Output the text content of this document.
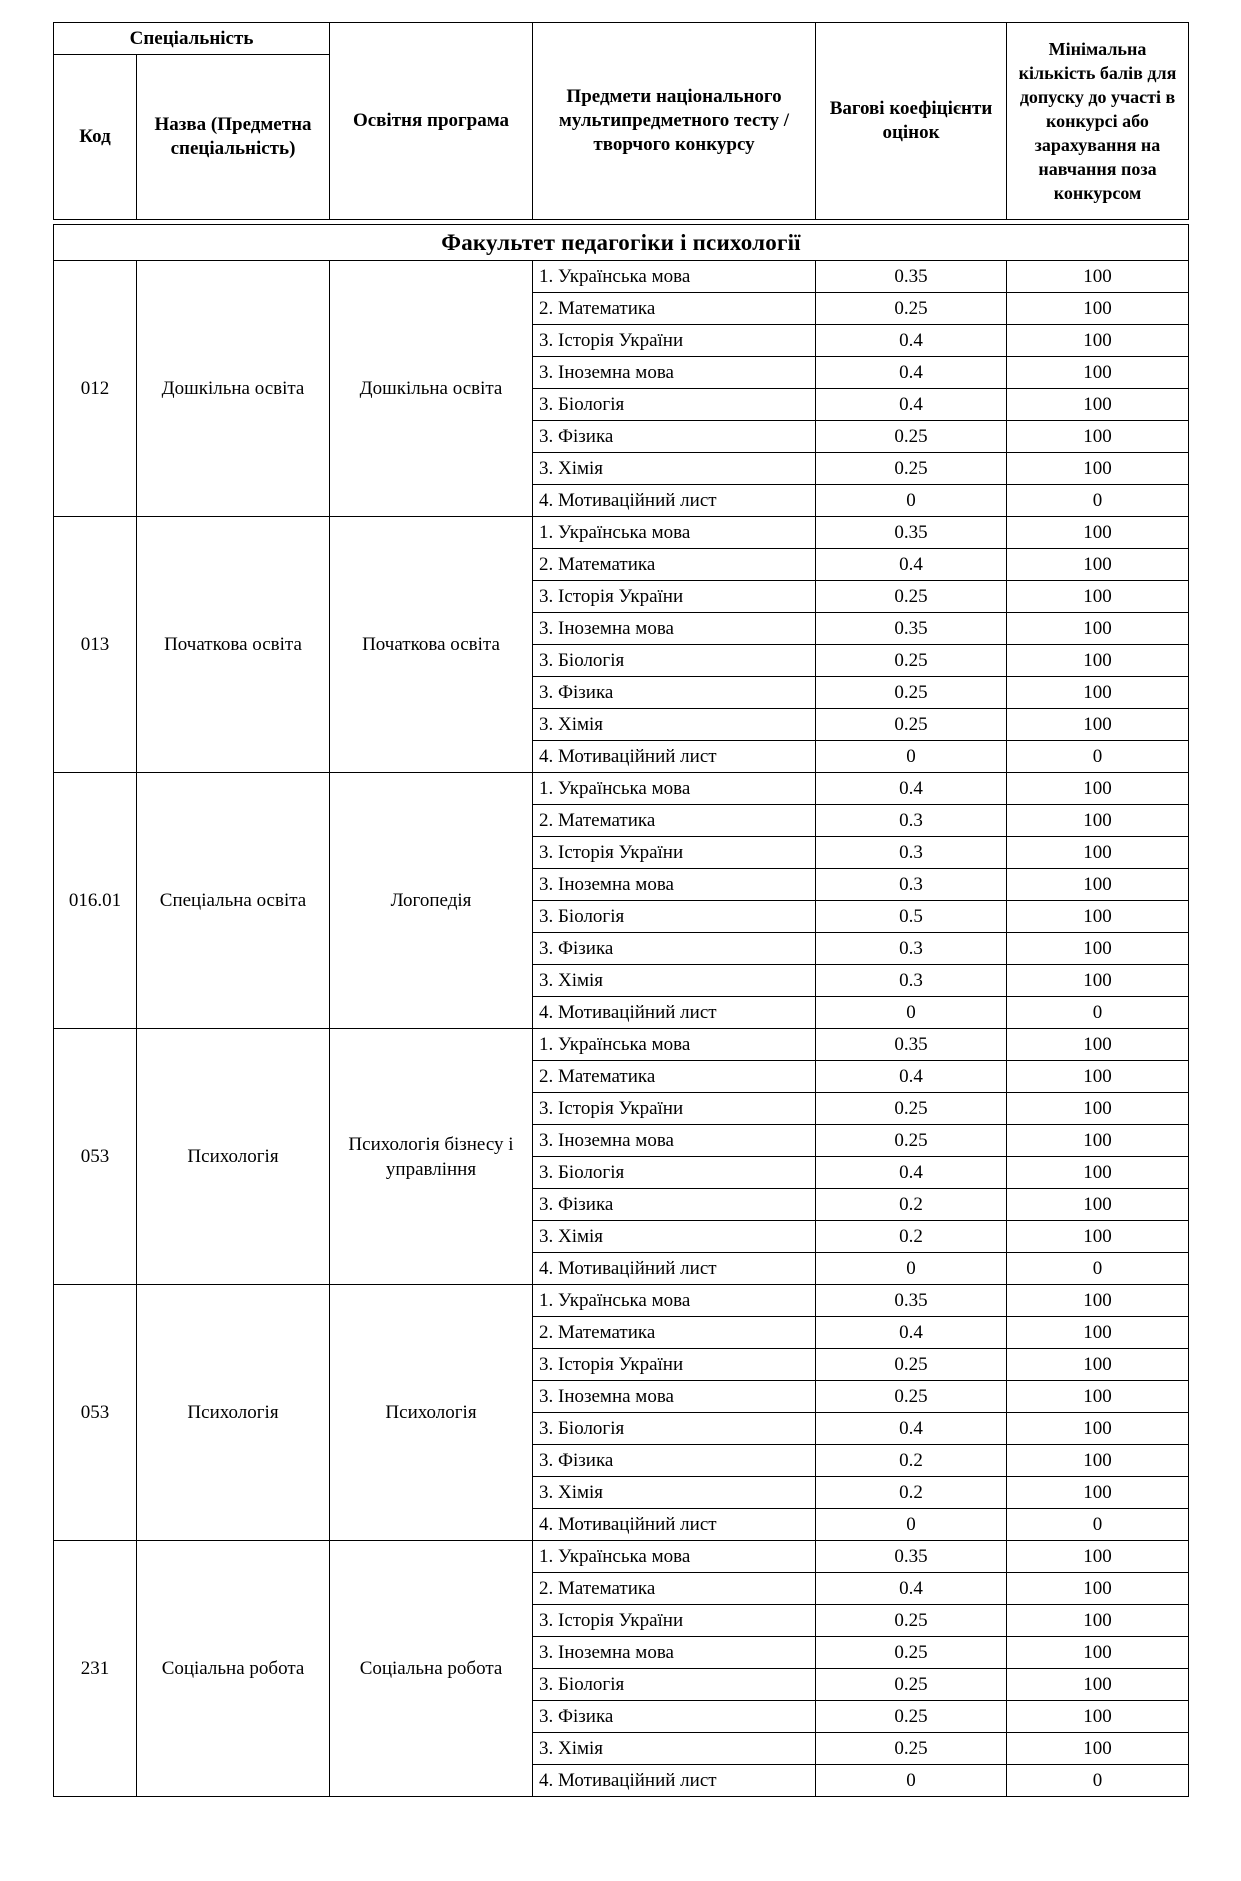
Спеціальність		Освітня програма	Предмети національного мультипредметного тесту / творчого конкурсу	Вагові коефіцієнти оцінок	Мінімальна кількість балів для допуску до участі в конкурсі або зарахування на навчання поза конкурсом
Код	Назва (Предметна спеціальність)				
Факультет педагогіки і психології					
012	Дошкільна освіта	Дошкільна освіта	1. Українська мова	0.35	100
			2. Математика	0.25	100
			3. Історія України	0.4	100
			3. Іноземна мова	0.4	100
			3. Біологія	0.4	100
			3. Фізика	0.25	100
			3. Хімія	0.25	100
			4. Мотиваційний лист	0	0
013	Початкова освіта	Початкова освіта	1. Українська мова	0.35	100
			2. Математика	0.4	100
			3. Історія України	0.25	100
			3. Іноземна мова	0.35	100
			3. Біологія	0.25	100
			3. Фізика	0.25	100
			3. Хімія	0.25	100
			4. Мотиваційний лист	0	0
016.01	Спеціальна освіта	Логопедія	1. Українська мова	0.4	100
			2. Математика	0.3	100
			3. Історія України	0.3	100
			3. Іноземна мова	0.3	100
			3. Біологія	0.5	100
			3. Фізика	0.3	100
			3. Хімія	0.3	100
			4. Мотиваційний лист	0	0
053	Психологія	Психологія бізнесу і управління	1. Українська мова	0.35	100
			2. Математика	0.4	100
			3. Історія України	0.25	100
			3. Іноземна мова	0.25	100
			3. Біологія	0.4	100
			3. Фізика	0.2	100
			3. Хімія	0.2	100
			4. Мотиваційний лист	0	0
053	Психологія	Психологія	1. Українська мова	0.35	100
			2. Математика	0.4	100
			3. Історія України	0.25	100
			3. Іноземна мова	0.25	100
			3. Біологія	0.4	100
			3. Фізика	0.2	100
			3. Хімія	0.2	100
			4. Мотиваційний лист	0	0
231	Соціальна робота	Соціальна робота	1. Українська мова	0.35	100
			2. Математика	0.4	100
			3. Історія України	0.25	100
			3. Іноземна мова	0.25	100
			3. Біологія	0.25	100
			3. Фізика	0.25	100
			3. Хімія	0.25	100
			4. Мотиваційний лист	0	0
